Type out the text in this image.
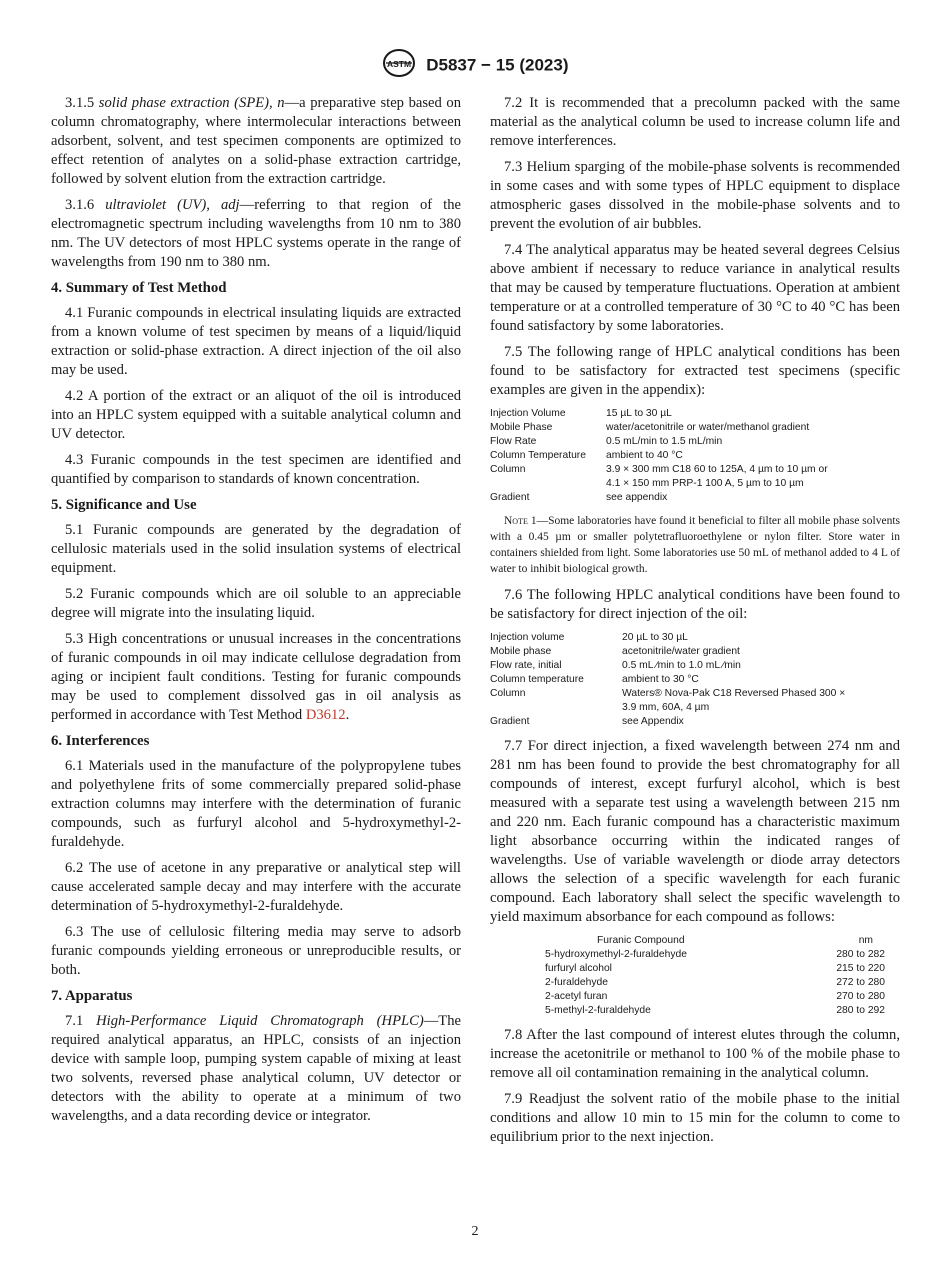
ASTM D5837 − 15 (2023)

3.1.5 solid phase extraction (SPE), n—a preparative step based on column chromatography, where intermolecular interactions between adsorbent, solvent, and test specimen components are optimized to effect retention of analytes on a solid-phase extraction cartridge, followed by solvent elution from the extraction cartridge.

3.1.6 ultraviolet (UV), adj—referring to that region of the electromagnetic spectrum including wavelengths from 10 nm to 380 nm. The UV detectors of most HPLC systems operate in the range of wavelengths from 190 nm to 380 nm.

4. Summary of Test Method

4.1 Furanic compounds in electrical insulating liquids are extracted from a known volume of test specimen by means of a liquid/liquid extraction or solid-phase extraction. A direct injection of the oil also may be used.

4.2 A portion of the extract or an aliquot of the oil is introduced into an HPLC system equipped with a suitable analytical column and UV detector.

4.3 Furanic compounds in the test specimen are identified and quantified by comparison to standards of known concentration.

5. Significance and Use

5.1 Furanic compounds are generated by the degradation of cellulosic materials used in the solid insulation systems of electrical equipment.

5.2 Furanic compounds which are oil soluble to an appreciable degree will migrate into the insulating liquid.

5.3 High concentrations or unusual increases in the concentrations of furanic compounds in oil may indicate cellulose degradation from aging or incipient fault conditions. Testing for furanic compounds may be used to complement dissolved gas in oil analysis as performed in accordance with Test Method D3612.

6. Interferences

6.1 Materials used in the manufacture of the polypropylene tubes and polyethylene frits of some commercially prepared solid-phase extraction columns may interfere with the determination of furanic compounds, such as furfuryl alcohol and 5-hydroxymethyl-2-furaldehyde.

6.2 The use of acetone in any preparative or analytical step will cause accelerated sample decay and may interfere with the accurate determination of 5-hydroxymethyl-2-furaldehyde.

6.3 The use of cellulosic filtering media may serve to adsorb furanic compounds yielding erroneous or unreproducible results, or both.

7. Apparatus

7.1 High-Performance Liquid Chromatograph (HPLC)—The required analytical apparatus, an HPLC, consists of an injection device with sample loop, pumping system capable of mixing at least two solvents, reversed phase analytical column, UV detector or detectors with the ability to operate at a minimum of two wavelengths, and a data recording device or integrator.

7.2 It is recommended that a precolumn packed with the same material as the analytical column be used to increase column life and remove interferences.

7.3 Helium sparging of the mobile-phase solvents is recommended in some cases and with some types of HPLC equipment to displace atmospheric gases dissolved in the mobile-phase solvents and to prevent the evolution of air bubbles.

7.4 The analytical apparatus may be heated several degrees Celsius above ambient if necessary to reduce variance in analytical results that may be caused by temperature fluctuations. Operation at ambient temperature or at a controlled temperature of 30 °C to 40 °C has been found satisfactory by some laboratories.

7.5 The following range of HPLC analytical conditions has been found to be satisfactory for extracted test specimens (specific examples are given in the appendix):

Injection Volume	15 µL to 30 µL
Mobile Phase	water/acetonitrile or water/methanol gradient
Flow Rate	0.5 mL/min to 1.5 mL/min
Column Temperature	ambient to 40 °C
Column	3.9 × 300 mm C18 60 to 125A, 4 µm to 10 µm or
	4.1 × 150 mm PRP-1 100 A, 5 µm to 10 µm
Gradient	see appendix
Note 1—Some laboratories have found it beneficial to filter all mobile phase solvents with a 0.45 µm or smaller polytetrafluoroethylene or nylon filter. Store water in containers shielded from light. Some laboratories use 50 mL of methanol added to 4 L of water to inhibit biological growth.

7.6 The following HPLC analytical conditions have been found to be satisfactory for direct injection of the oil:

Injection volume	20 µL to 30 µL
Mobile phase	acetonitrile/water gradient
Flow rate, initial	0.5 mL ⁄min to 1.0 mL ⁄min
Column temperature	ambient to 30 °C
Column	Waters® Nova-Pak C18 Reversed Phased 300 ×
	3.9 mm, 60A, 4 µm
Gradient	see Appendix

7.7 For direct injection, a fixed wavelength between 274 nm and 281 nm has been found to provide the best chromatography for all compounds of interest, except furfuryl alcohol, which is best measured with a separate test using a wavelength between 215 nm and 220 nm. Each furanic compound has a characteristic maximum light absorbance occurring within the indicated ranges of wavelengths. Use of variable wavelength or diode array detectors allows the selection of a specific wavelength for each furanic compound. Each laboratory shall select the specific wavelength to yield maximum absorbance for each compound as follows:

Furanic Compound	nm
5-hydroxymethyl-2-furaldehyde	280 to 282
furfuryl alcohol	215 to 220
2-furaldehyde	272 to 280
2-acetyl furan	270 to 280
5-methyl-2-furaldehyde	280 to 292

7.8 After the last compound of interest elutes through the column, increase the acetonitrile or methanol to 100 % of the mobile phase to remove all oil contamination remaining in the analytical column.

7.9 Readjust the solvent ratio of the mobile phase to the initial conditions and allow 10 min to 15 min for the column to come to equilibrium prior to the next injection.

2
